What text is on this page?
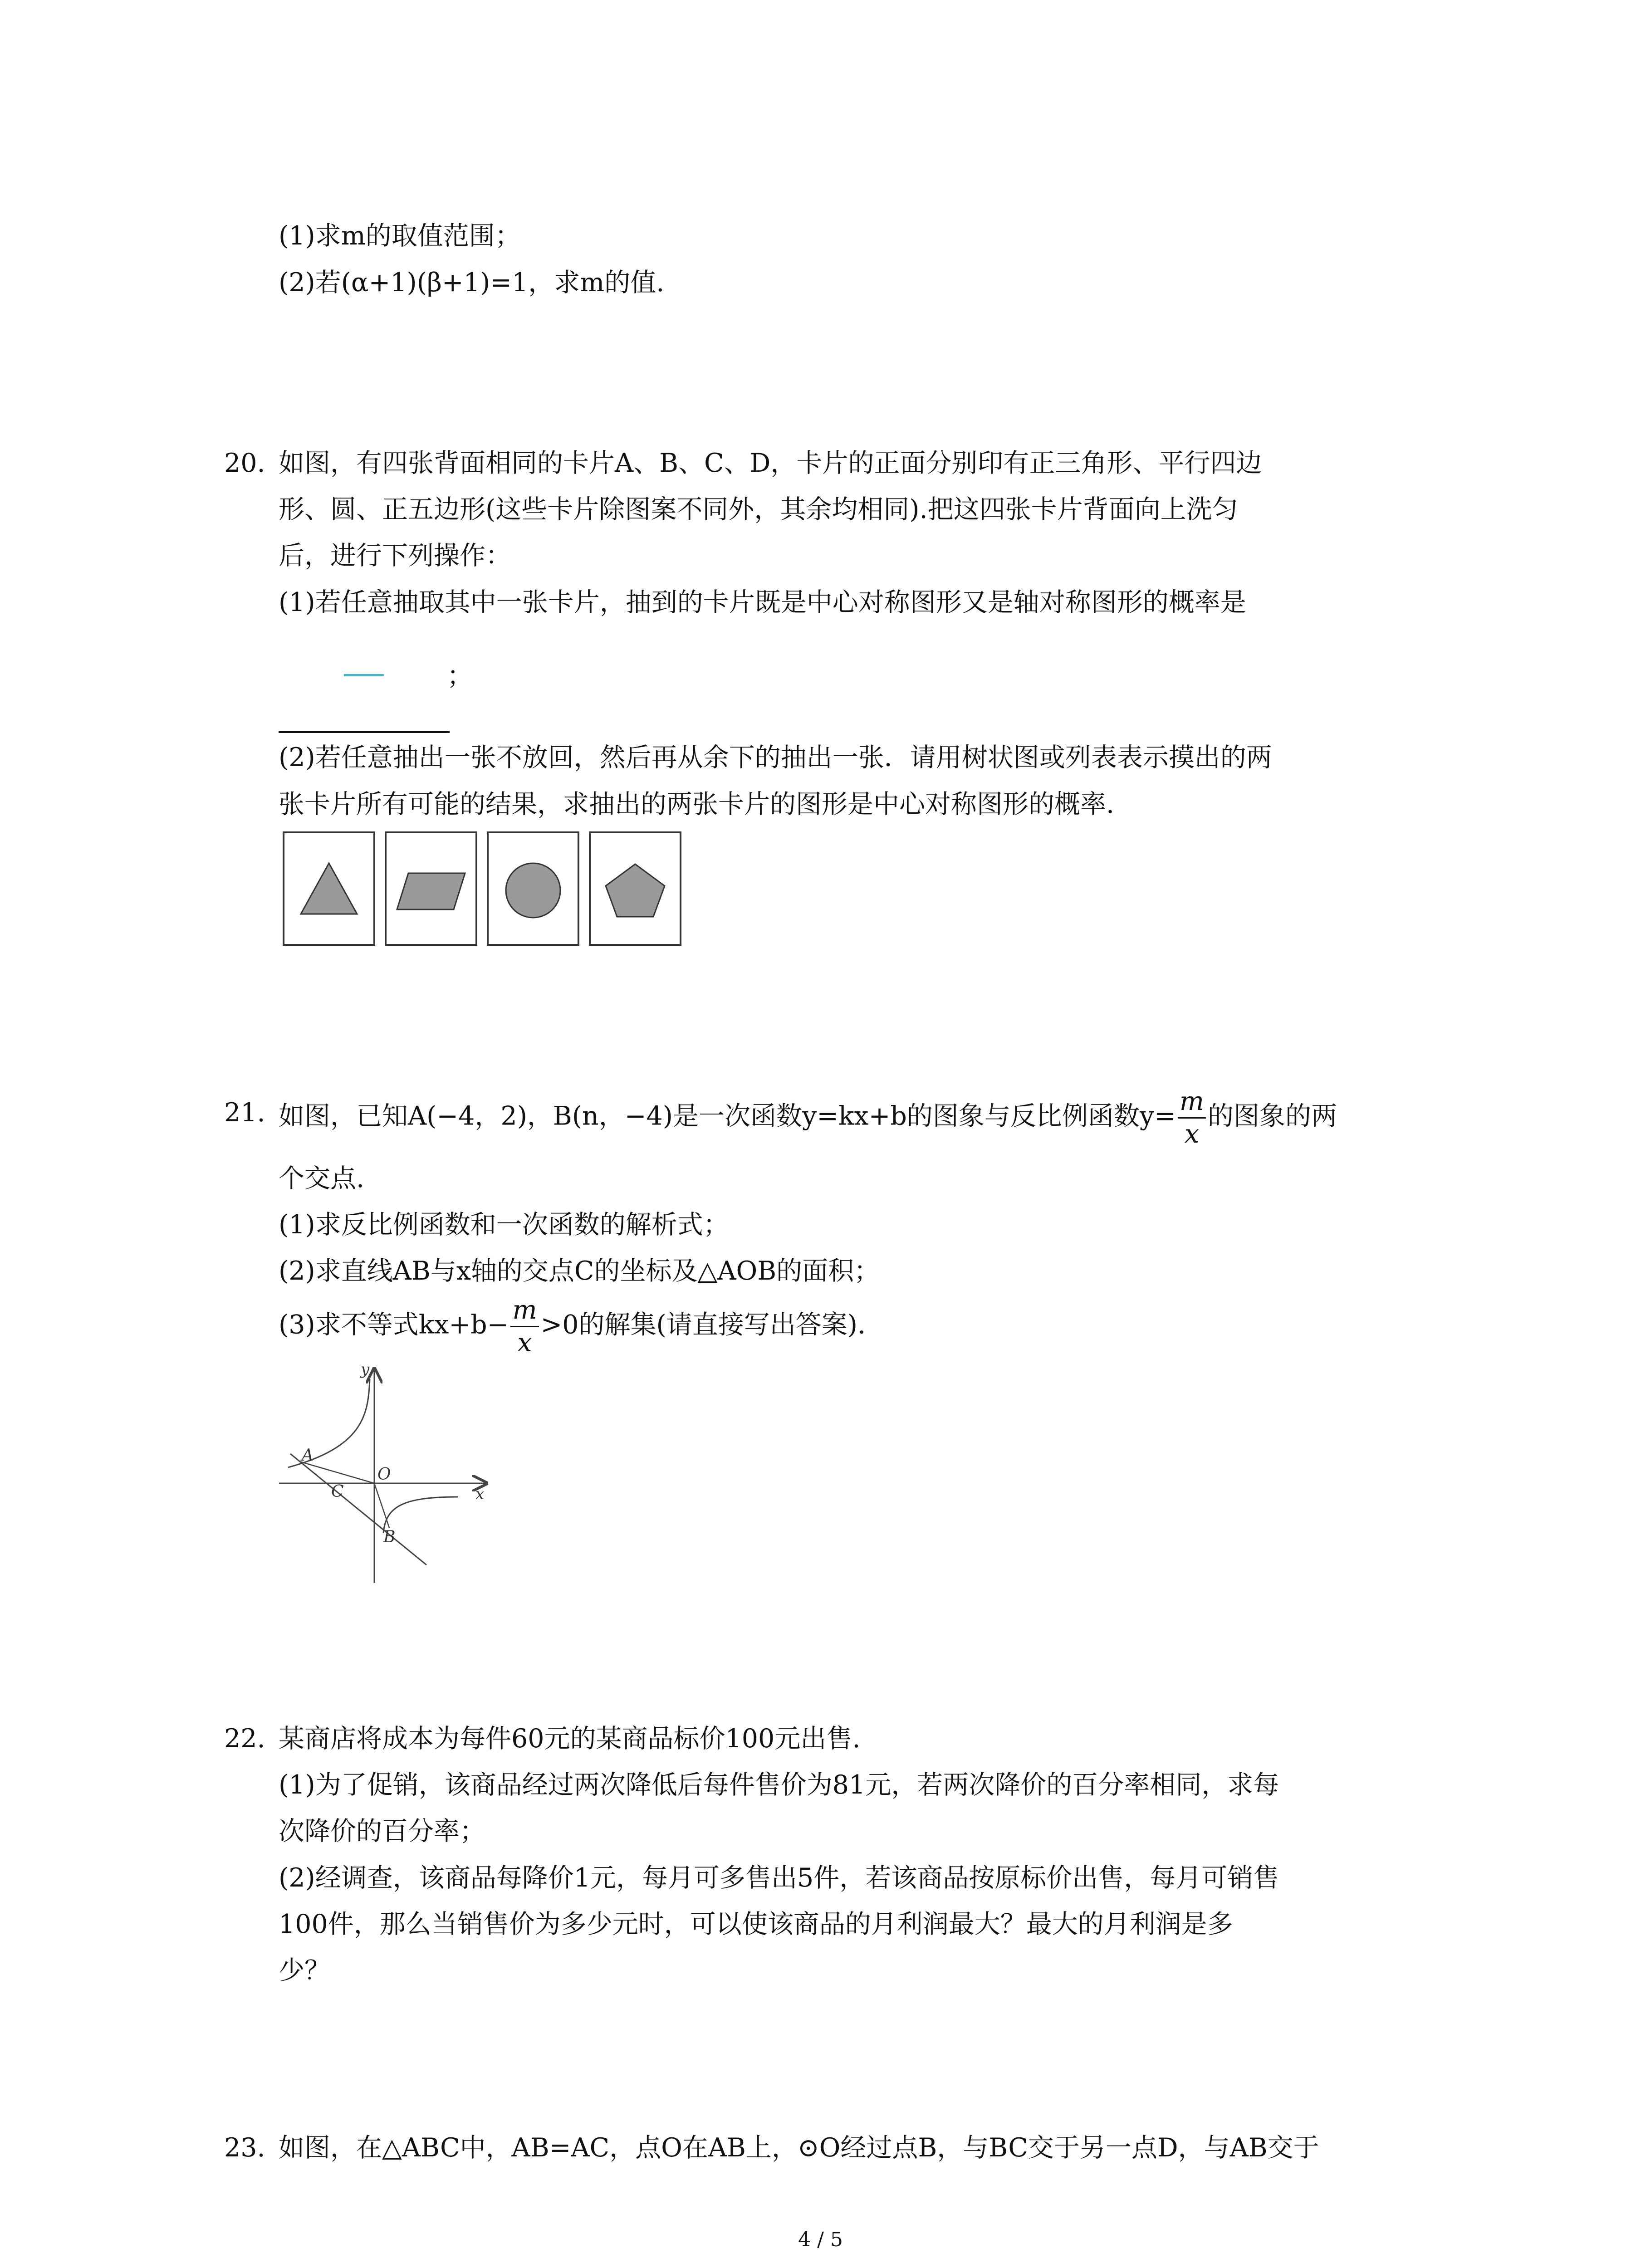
(1)求m的取值范围；
(2)若(α+1)(β+1)=1，求m的值.
20. 如图，有四张背面相同的卡片A、B、C、D，卡片的正面分别印有正三角形、平行四边
形、圆、正五边形(这些卡片除图案不同外，其余均相同).把这四张卡片背面向上洗匀
后，进行下列操作：
(1)若任意抽取其中一张卡片，抽到的卡片既是中心对称图形又是轴对称图形的概率是
；
(2)若任意抽出一张不放回，然后再从余下的抽出一张．请用树状图或列表表示摸出的两
张卡片所有可能的结果，求抽出的两张卡片的图形是中心对称图形的概率.
21. 如图，已知A(−4，2)，B(n，−4)是一次函数y=kx+b的图象与反比例函数$y= \frac{m}{x}$ 的图象的两
个交点.
(1)求反比例函数和一次函数的解析式；
(2)求直线AB与x轴的交点C的坐标及△AOB的面积；
(3)求不等式$kx+b- \frac{m}{x} >0$的解集(请直接写出答案).
y
x
A
O
C
B
22. 某商店将成本为每件60元的某商品标价100元出售.
(1)为了促销，该商品经过两次降低后每件售价为81元，若两次降价的百分率相同，求每
次降价的百分率；
(2)经调查，该商品每降价1元，每月可多售出5件，若该商品按原标价出售，每月可销售
100件，那么当销售价为多少元时，可以使该商品的月利润最大？最大的月利润是多
少？
23. 如图，在△ABC中，AB=AC，点O在AB上，⊙O经过点B，与BC交于另一点D，与AB交于
4 / 5
